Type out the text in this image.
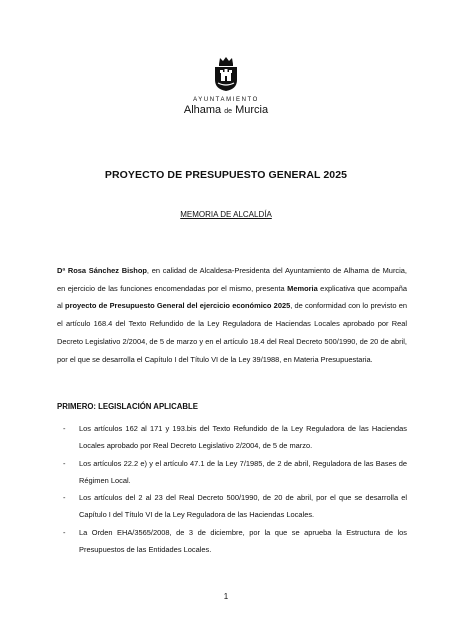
AYUNTAMIENTO
Alhama de Murcia
PROYECTO DE PRESUPUESTO GENERAL 2025
MEMORIA DE ALCALDÍA

Dª Rosa Sánchez Bishop, en calidad de Alcaldesa-Presidenta del Ayuntamiento de Alhama de Murcia, en ejercicio de las funciones encomendadas por el mismo, presenta Memoria explicativa que acompaña al proyecto de Presupuesto General del ejercicio económico 2025, de conformidad con lo previsto en el artículo 168.4 del Texto Refundido de la Ley Reguladora de Haciendas Locales aprobado por Real Decreto Legislativo 2/2004, de 5 de marzo y en el artículo 18.4 del Real Decreto 500/1990, de 20 de abril, por el que se desarrolla el Capítulo I del Título VI de la Ley 39/1988, en Materia Presupuestaria.

PRIMERO: LEGISLACIÓN APLICABLE
- Los artículos 162 al 171 y 193.bis del Texto Refundido de la Ley Reguladora de las Haciendas Locales aprobado por Real Decreto Legislativo 2/2004, de 5 de marzo.
- Los artículos 22.2 e) y el artículo 47.1 de la Ley 7/1985, de 2 de abril, Reguladora de las Bases de Régimen Local.
- Los artículos del 2 al 23 del Real Decreto 500/1990, de 20 de abril, por el que se desarrolla el Capítulo I del Título VI de la Ley Reguladora de las Haciendas Locales.
- La Orden EHA/3565/2008, de 3 de diciembre, por la que se aprueba la Estructura de los Presupuestos de las Entidades Locales.
1
